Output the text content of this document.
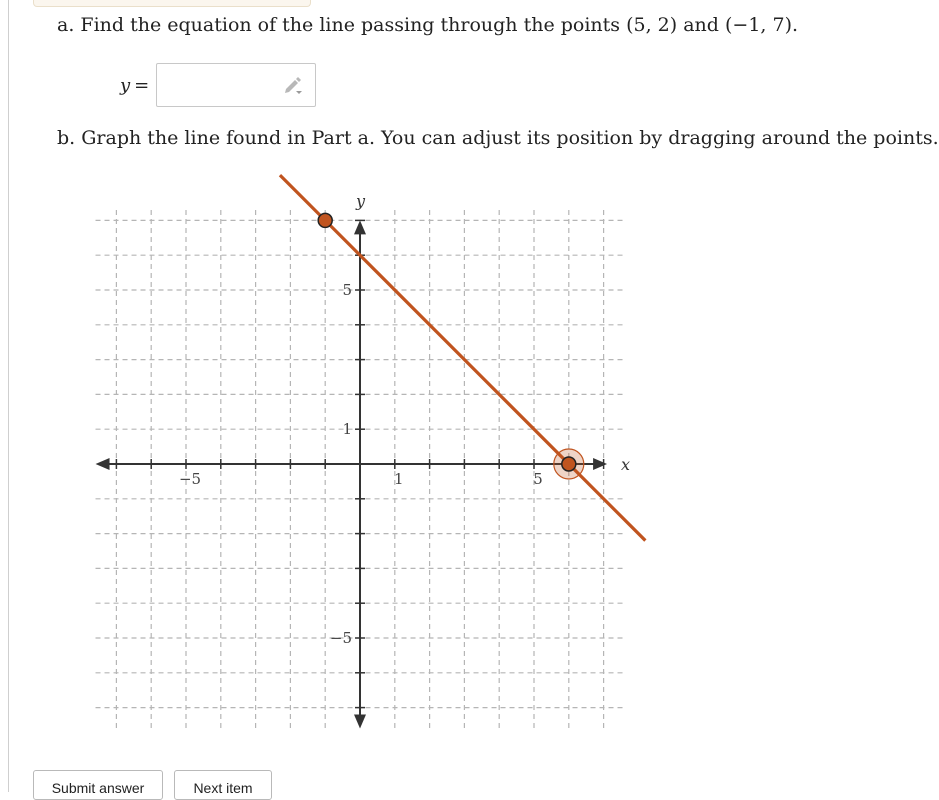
a. Find the equation of the line passing through the points (5, 2) and (−1, 7).
y =
b. Graph the line found in Part a. You can adjust its position by dragging around the points.
−5	1	5
5
1
−5
x
y
Submit answer	Next item
